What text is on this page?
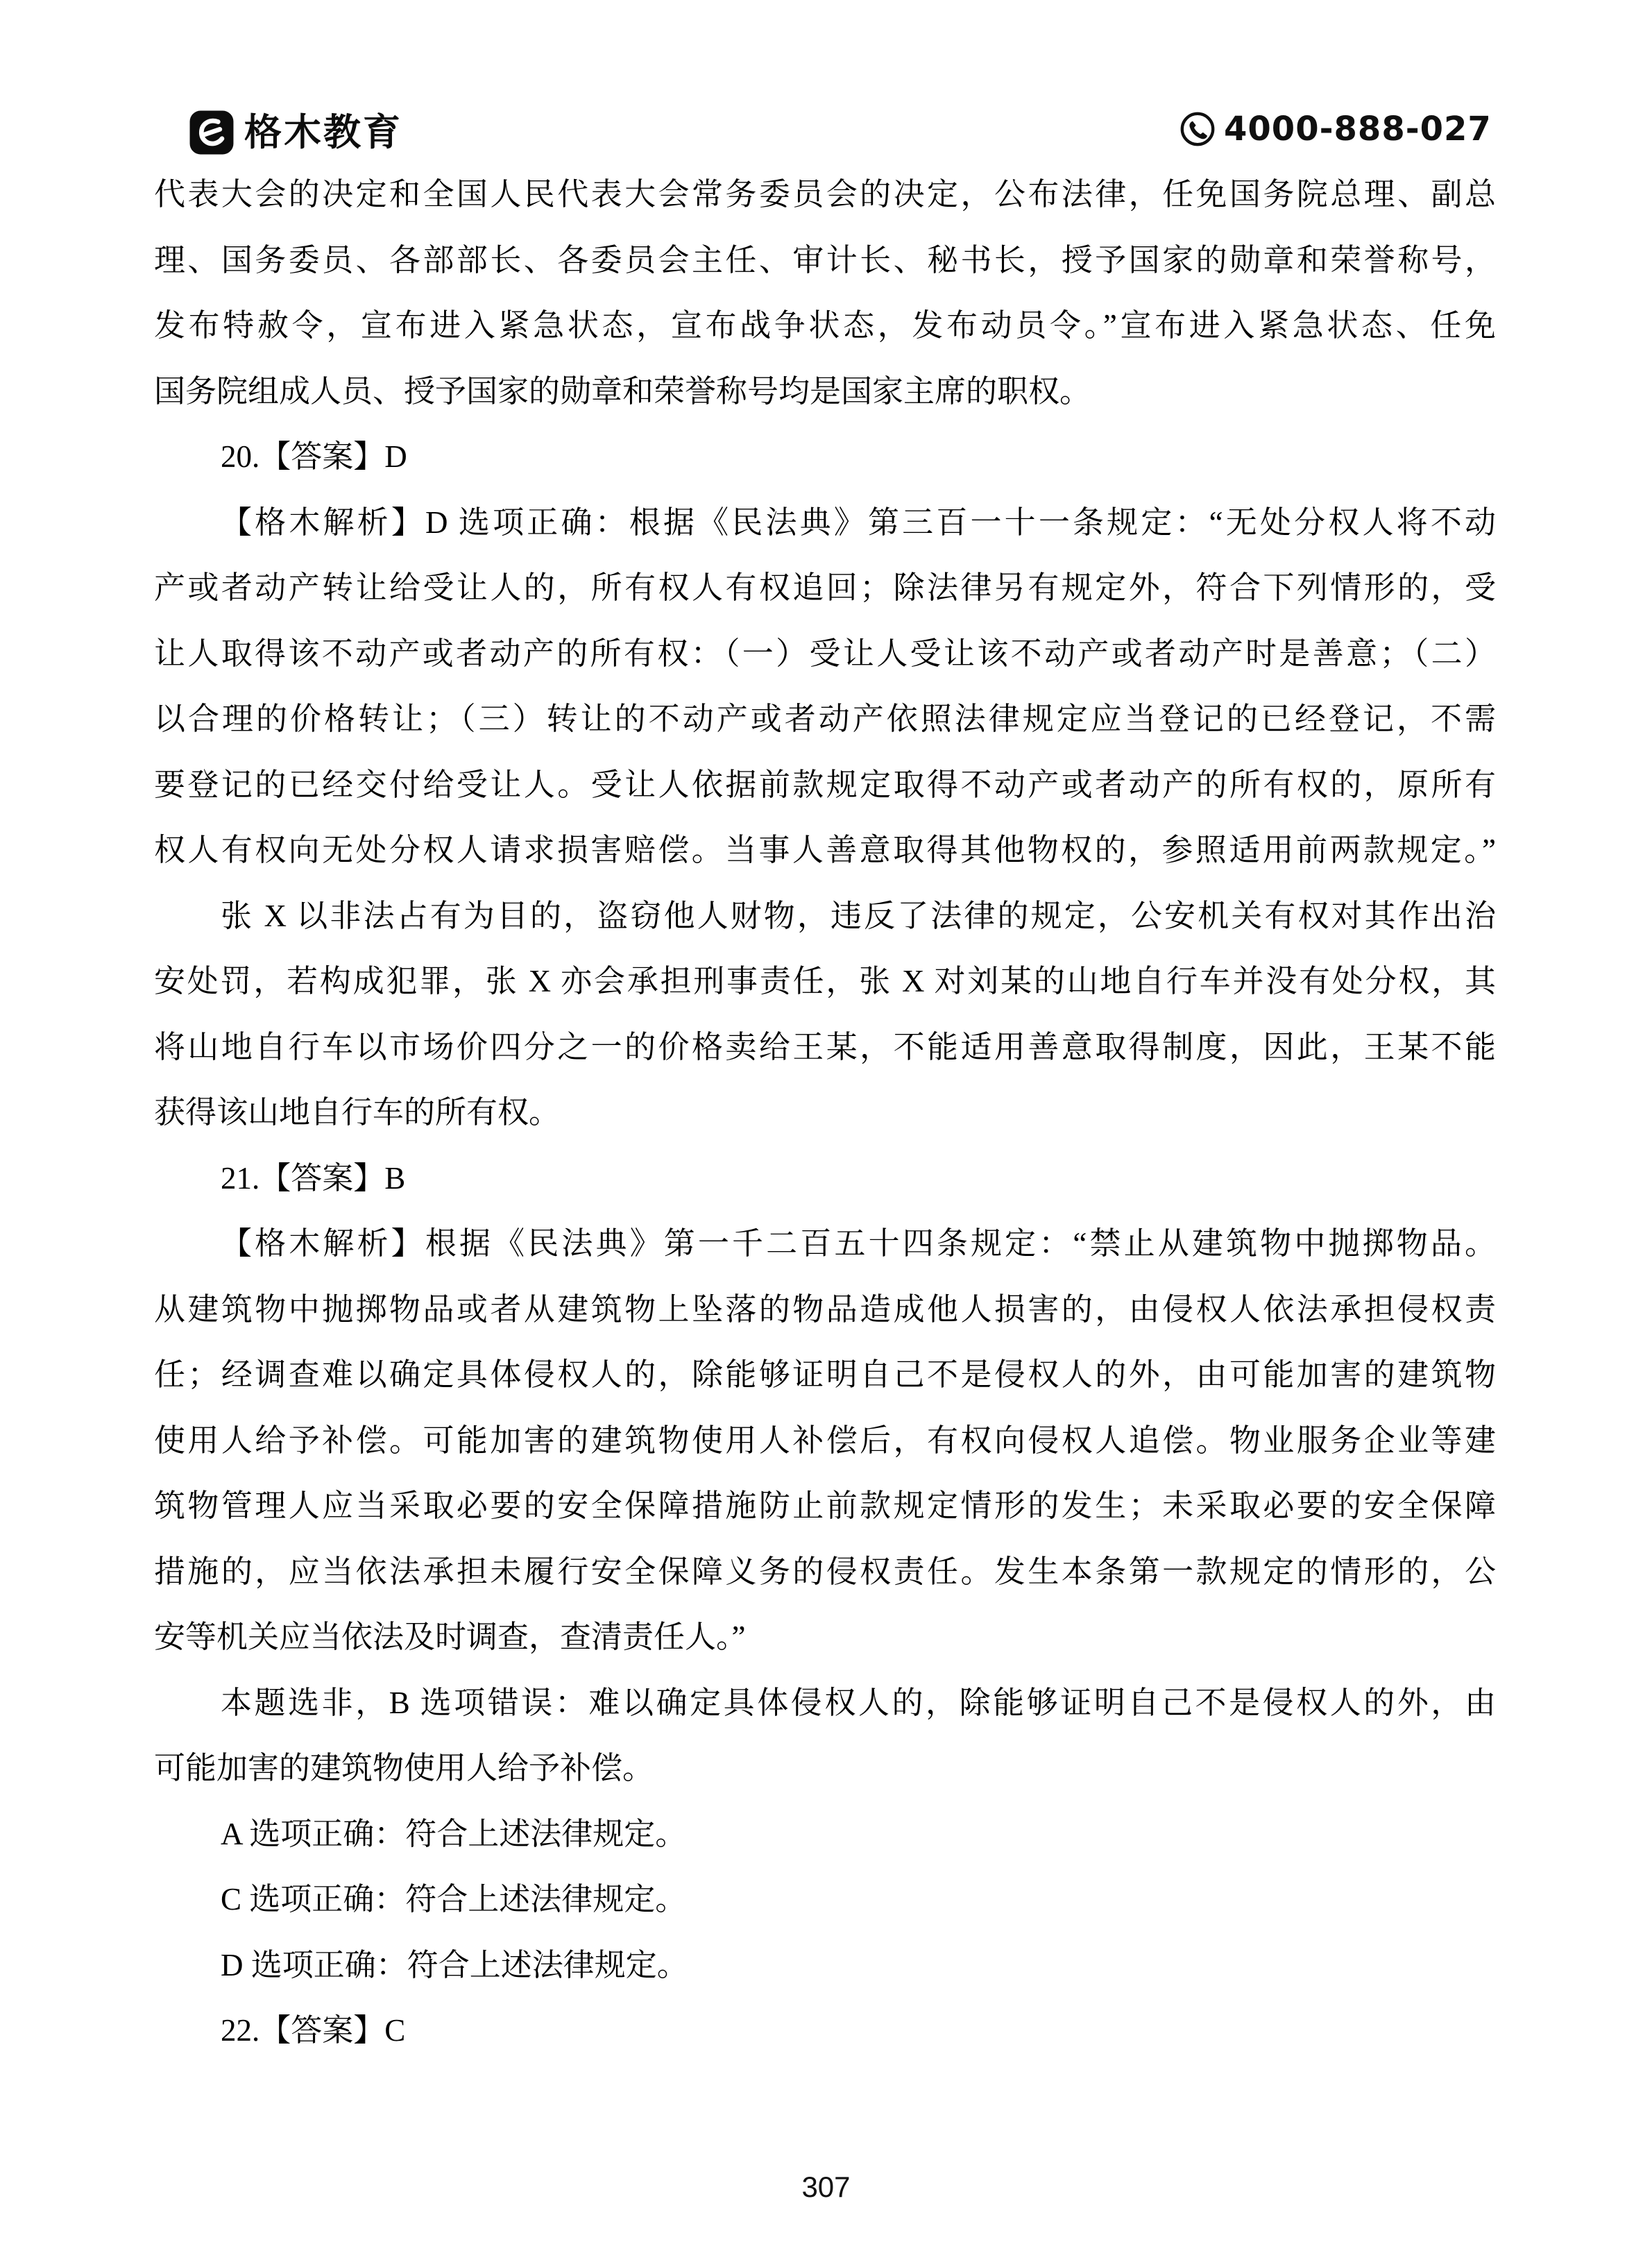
格木教育	4000-888-027
代表大会的决定和全国人民代表大会常务委员会的决定，公布法律，任免国务院总理、副总
理、国务委员、各部部长、各委员会主任、审计长、秘书长，授予国家的勋章和荣誉称号，
发布特赦令，宣布进入紧急状态，宣布战争状态，发布动员令。”宣布进入紧急状态、任免
国务院组成人员、授予国家的勋章和荣誉称号均是国家主席的职权。
20.【答案】D
【格木解析】D 选项正确：根据《民法典》第三百一十一条规定：“无处分权人将不动
产或者动产转让给受让人的，所有权人有权追回；除法律另有规定外，符合下列情形的，受
让人取得该不动产或者动产的所有权：（一）受让人受让该不动产或者动产时是善意；（二）
以合理的价格转让；（三）转让的不动产或者动产依照法律规定应当登记的已经登记，不需
要登记的已经交付给受让人。受让人依据前款规定取得不动产或者动产的所有权的，原所有
权人有权向无处分权人请求损害赔偿。当事人善意取得其他物权的，参照适用前两款规定。”
张 X 以非法占有为目的，盗窃他人财物，违反了法律的规定，公安机关有权对其作出治
安处罚，若构成犯罪，张 X 亦会承担刑事责任，张 X 对刘某的山地自行车并没有处分权，其
将山地自行车以市场价四分之一的价格卖给王某，不能适用善意取得制度，因此，王某不能
获得该山地自行车的所有权。
21.【答案】B
【格木解析】根据《民法典》第一千二百五十四条规定：“禁止从建筑物中抛掷物品。
从建筑物中抛掷物品或者从建筑物上坠落的物品造成他人损害的，由侵权人依法承担侵权责
任；经调查难以确定具体侵权人的，除能够证明自己不是侵权人的外，由可能加害的建筑物
使用人给予补偿。可能加害的建筑物使用人补偿后，有权向侵权人追偿。物业服务企业等建
筑物管理人应当采取必要的安全保障措施防止前款规定情形的发生；未采取必要的安全保障
措施的，应当依法承担未履行安全保障义务的侵权责任。发生本条第一款规定的情形的，公
安等机关应当依法及时调查，查清责任人。”
本题选非，B 选项错误：难以确定具体侵权人的，除能够证明自己不是侵权人的外，由
可能加害的建筑物使用人给予补偿。
A 选项正确：符合上述法律规定。
C 选项正确：符合上述法律规定。
D 选项正确：符合上述法律规定。
22.【答案】C
307
